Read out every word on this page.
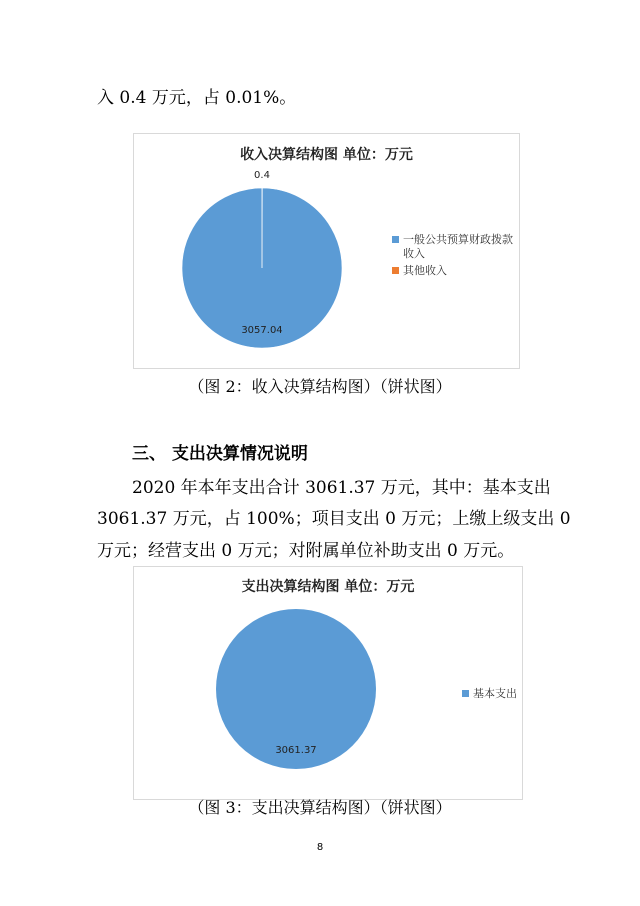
入 0.4 万元，占 0.01%。
收入决算结构图 单位：万元
0.4
3057.04
一般公共预算财政拨款
收入
其他收入
（图 2：收入决算结构图）（饼状图）
三、 支出决算情况说明
2020 年本年支出合计 3061.37 万元，其中：基本支出
3061.37 万元，占 100%；项目支出 0 万元；上缴上级支出 0
万元；经营支出 0 万元；对附属单位补助支出 0 万元。
支出决算结构图 单位：万元
3061.37
基本支出
（图 3：支出决算结构图）（饼状图）
8
